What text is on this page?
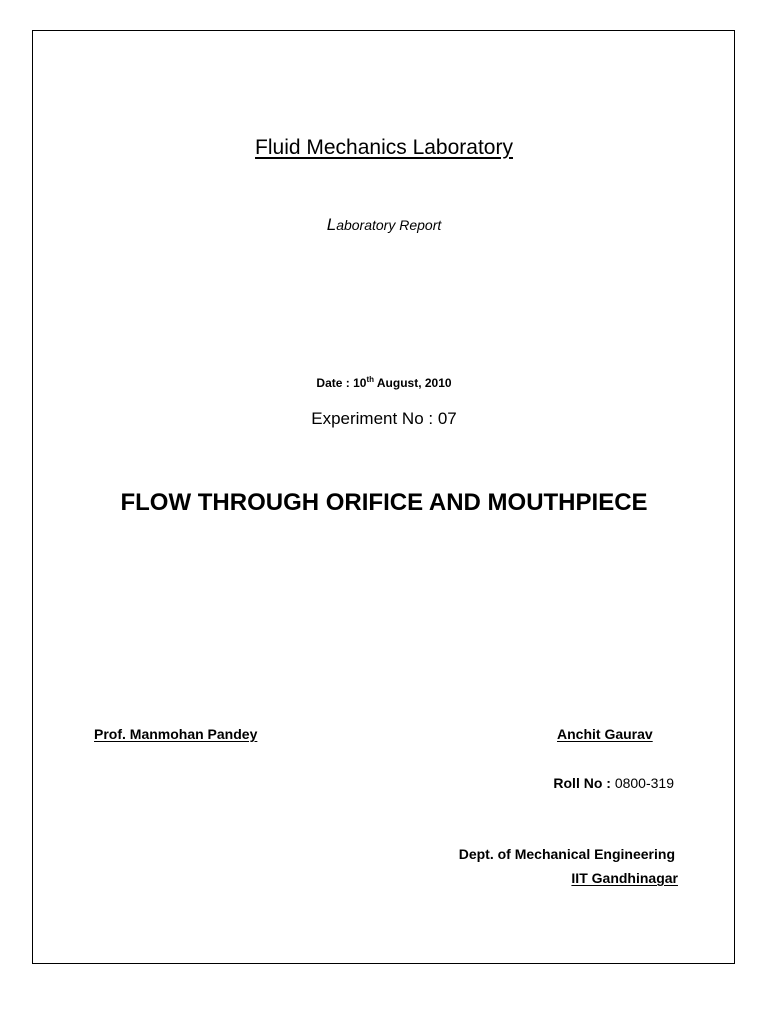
Fluid Mechanics Laboratory
Laboratory Report
Date : 10th August, 2010
Experiment No : 07
FLOW THROUGH ORIFICE AND MOUTHPIECE
Prof. Manmohan Pandey	Anchit Gaurav
Roll No : 0800-319
Dept. of Mechanical Engineering
IIT Gandhinagar
